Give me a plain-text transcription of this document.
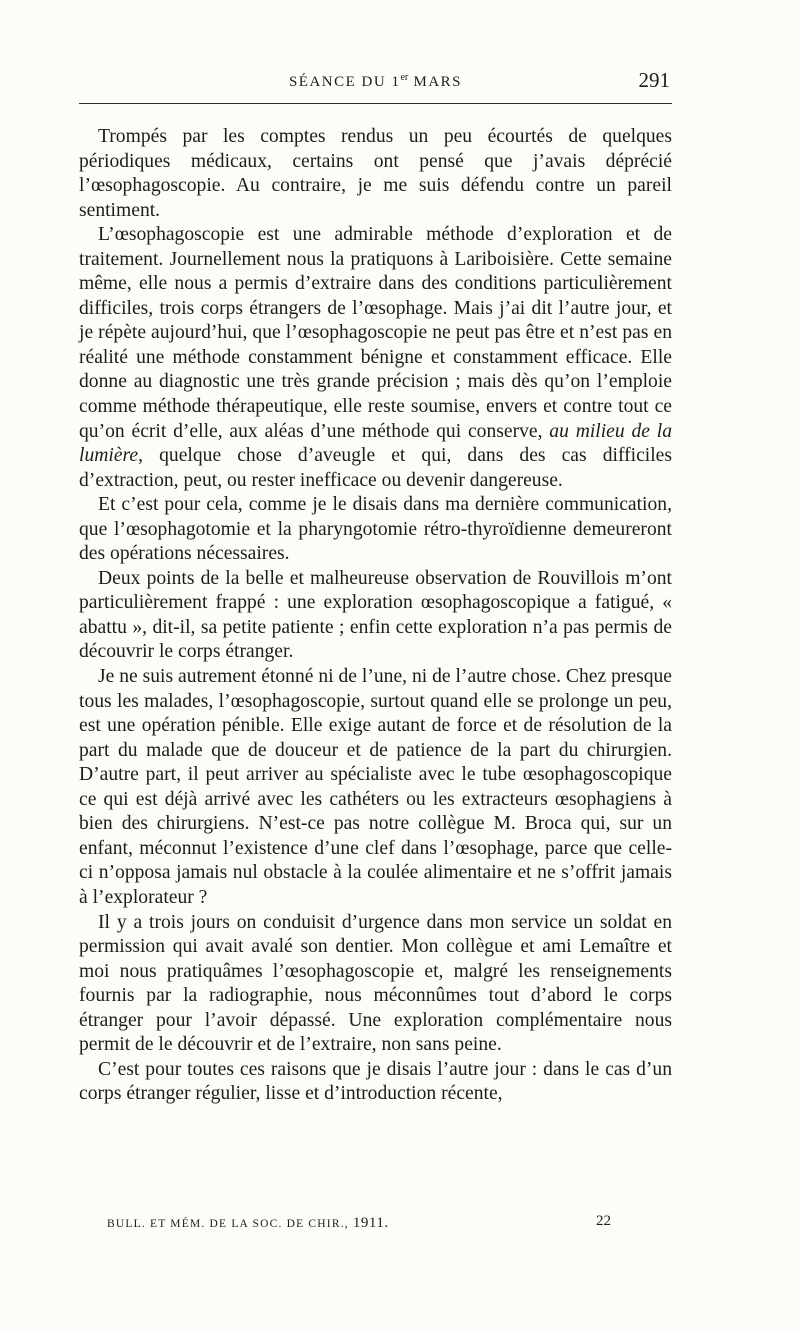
SÉANCE DU 1er MARS	291

Trompés par les comptes rendus un peu écourtés de quelques périodiques médicaux, certains ont pensé que j’avais déprécié l’œsophagoscopie. Au contraire, je me suis défendu contre un pareil sentiment.

L’œsophagoscopie est une admirable méthode d’exploration et de traitement. Journellement nous la pratiquons à Lariboisière. Cette semaine même, elle nous a permis d’extraire dans des conditions particulièrement difficiles, trois corps étrangers de l’œsophage. Mais j’ai dit l’autre jour, et je répète aujourd’hui, que l’œsophagoscopie ne peut pas être et n’est pas en réalité une méthode constamment bénigne et constamment efficace. Elle donne au diagnostic une très grande précision ; mais dès qu’on l’emploie comme méthode thérapeutique, elle reste soumise, envers et contre tout ce qu’on écrit d’elle, aux aléas d’une méthode qui conserve, au milieu de la lumière, quelque chose d’aveugle et qui, dans des cas difficiles d’extraction, peut, ou rester inefficace ou devenir dangereuse.

Et c’est pour cela, comme je le disais dans ma dernière communication, que l’œsophagotomie et la pharyngotomie rétro-thyroïdienne demeureront des opérations nécessaires.

Deux points de la belle et malheureuse observation de Rouvillois m’ont particulièrement frappé : une exploration œsophagoscopique a fatigué, « abattu », dit-il, sa petite patiente ; enfin cette exploration n’a pas permis de découvrir le corps étranger.

Je ne suis autrement étonné ni de l’une, ni de l’autre chose. Chez presque tous les malades, l’œsophagoscopie, surtout quand elle se prolonge un peu, est une opération pénible. Elle exige autant de force et de résolution de la part du malade que de douceur et de patience de la part du chirurgien. D’autre part, il peut arriver au spécialiste avec le tube œsophagoscopique ce qui est déjà arrivé avec les cathéters ou les extracteurs œsophagiens à bien des chirurgiens. N’est-ce pas notre collègue M. Broca qui, sur un enfant, méconnut l’existence d’une clef dans l’œsophage, parce que celle-ci n’opposa jamais nul obstacle à la coulée alimentaire et ne s’offrit jamais à l’explorateur ?

Il y a trois jours on conduisit d’urgence dans mon service un soldat en permission qui avait avalé son dentier. Mon collègue et ami Lemaître et moi nous pratiquâmes l’œsophagoscopie et, malgré les renseignements fournis par la radiographie, nous méconnûmes tout d’abord le corps étranger pour l’avoir dépassé. Une exploration complémentaire nous permit de le découvrir et de l’extraire, non sans peine.

C’est pour toutes ces raisons que je disais l’autre jour : dans le cas d’un corps étranger régulier, lisse et d’introduction récente,

BULL. ET MÉM. DE LA SOC. DE CHIR., 1911.	22
